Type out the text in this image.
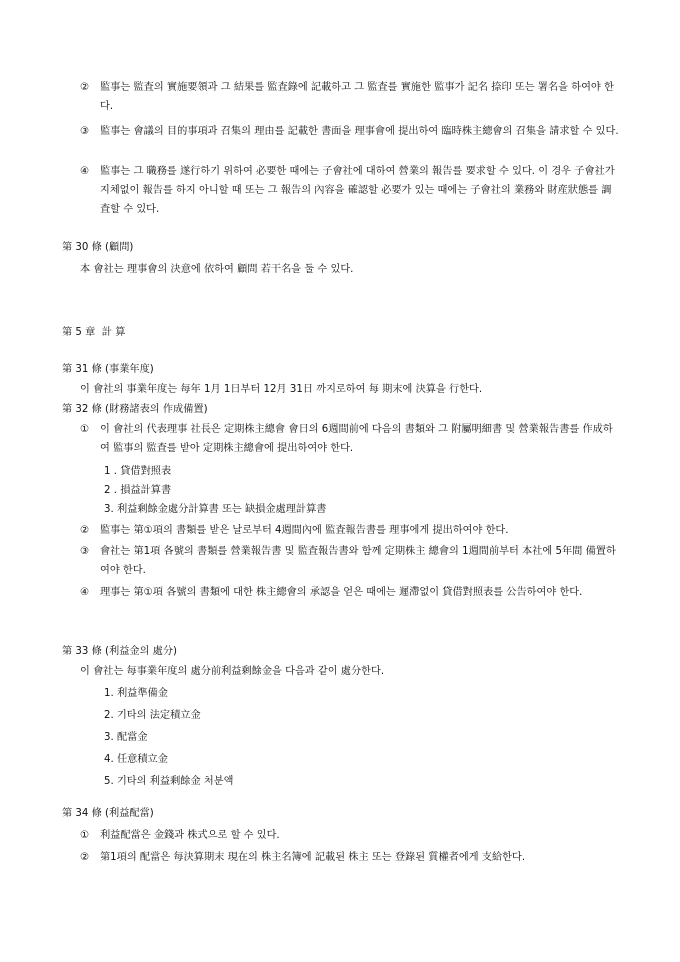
② 監事는 監査의 實施要領과 그 結果를 監査錄에 記載하고 그 監査를 實施한 監事가 記名 捺印 또는 署名을 하여야 한다.
③ 監事는 會議의 目的事項과 召集의 理由를 記載한 書面을 理事會에 提出하여 臨時株主總會의 召集을 請求할 수 있다.
④ 監事는 그 職務를 遂行하기 위하여 必要한 때에는 子會社에 대하여 營業의 報告를 要求할 수 있다. 이 경우 子會社가 지체없이 報告를 하지 아니할 때 또는 그 報告의 內容을 確認할 必要가 있는 때에는 子會社의 業務와 財産狀態를 調査할 수 있다.
第 30 條 (顧問)
本 會社는 理事會의 決意에 依하여 顧問 若干名을 둘 수 있다.
第 5 章  計 算
第 31 條 (事業年度)
이 會社의 事業年度는 每年 1月 1日부터 12月 31日 까지로하여 每 期末에 決算을 行한다.
第 32 條 (財務諸表의 作成備置)
① 이 會社의 代表理事 社長은 定期株主總會 會日의 6週間前에 다음의 書類와 그 附屬明細書 및 營業報告書를 作成하여 監事의 監査를 받아 定期株主總會에 提出하여야 한다.
1 . 貸借對照表
2 . 損益計算書
3. 利益剩餘金處分計算書 또는 缺損金處理計算書
② 監事는 第①項의 書類를 받은 날로부터 4週間內에 監査報告書를 理事에게 提出하여야 한다.
③ 會社는 第1項 各號의 書類를 營業報告書 및 監査報告書와 함께 定期株主 總會의 1週間前부터 本社에 5年間 備置하여야 한다.
④ 理事는 第①項 各號의 書類에 대한 株主總會의 承認을 얻은 때에는 遲滯없이 貸借對照表를 公告하여야 한다.
第 33 條 (利益金의 處分)
이 會社는 每事業年度의 處分前利益剩餘金을 다음과 같이 處分한다.
1. 利益準備金
2. 기타의 法定積立金
3. 配當金
4. 任意積立金
5. 기타의 利益剩餘金 처분액
第 34 條 (利益配當)
① 利益配當은 金錢과 株式으로 할 수 있다.
② 第1項의 配當은 每決算期末 現在의 株主名簿에 記載된 株主 또는 登錄된 質權者에게 支給한다.
